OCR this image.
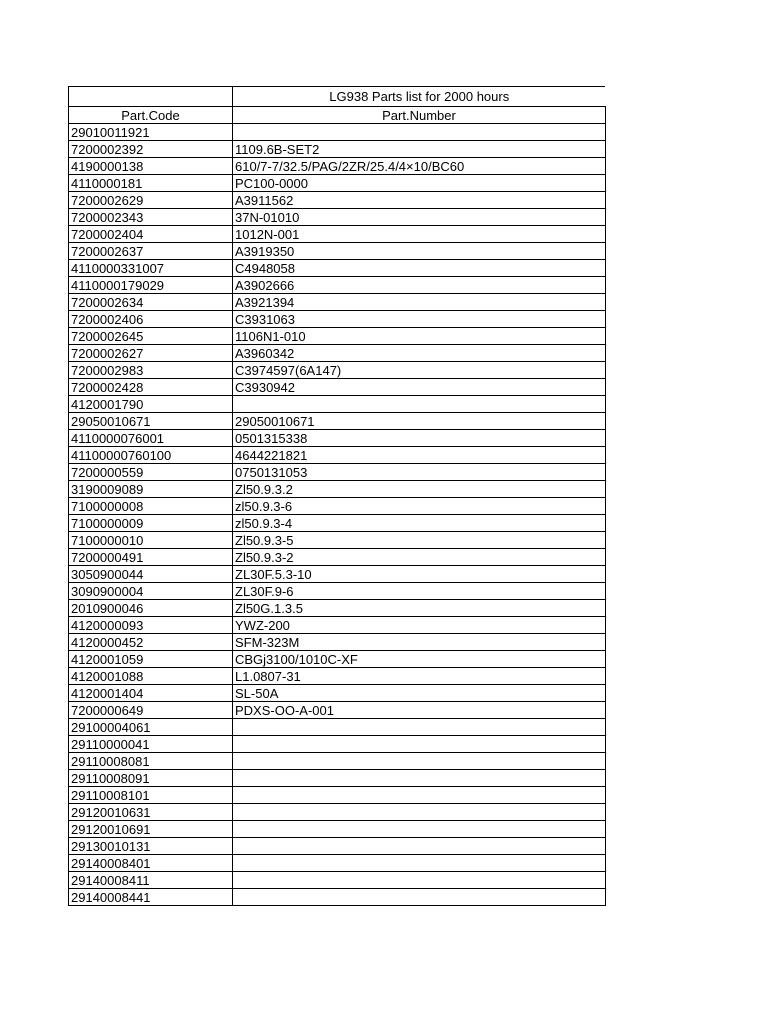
	LG938 Parts list for 2000 hours
Part.Code	Part.Number
29010011921	
7200002392	1109.6B-SET2
4190000138	610/7-7/32.5/PAG/2ZR/25.4/4×10/BC60
4110000181	PC100-0000
7200002629	A3911562
7200002343	37N-01010
7200002404	1012N-001
7200002637	A3919350
4110000331007	C4948058
4110000179029	A3902666
7200002634	A3921394
7200002406	C3931063
7200002645	1106N1-010
7200002627	A3960342
7200002983	C3974597(6A147)
7200002428	C3930942
4120001790	
29050010671	29050010671
4110000076001	0501315338
41100000760100	4644221821
7200000559	0750131053
3190009089	Zl50.9.3.2
7100000008	zl50.9.3-6
7100000009	zl50.9.3-4
7100000010	Zl50.9.3-5
7200000491	Zl50.9.3-2
3050900044	ZL30F.5.3-10
3090900004	ZL30F.9-6
2010900046	Zl50G.1.3.5
4120000093	YWZ-200
4120000452	SFM-323M
4120001059	CBGj3100/1010C-XF
4120001088	L1.0807-31
4120001404	SL-50A
7200000649	PDXS-OO-A-001
29100004061	
29110000041	
29110008081	
29110008091	
29110008101	
29120010631	
29120010691	
29130010131	
29140008401	
29140008411	
29140008441	
